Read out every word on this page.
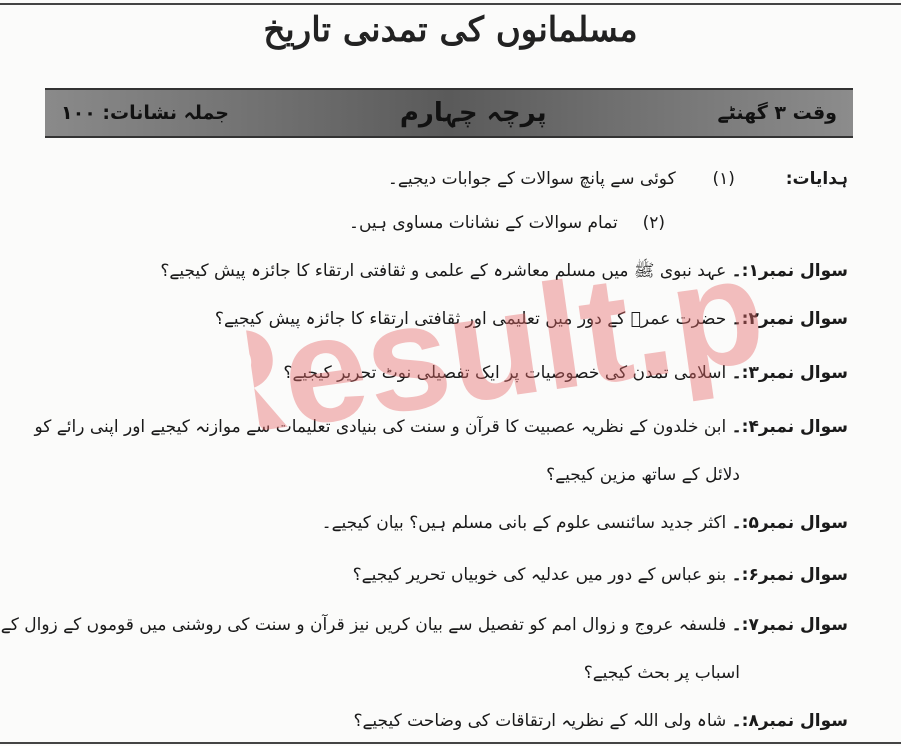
مسلمانوں کی تمدنی تاریخ
وقت ۳ گھنٹے
پرچہ چہارم
جملہ نشانات: ۱۰۰
ہدایات:  (۱)  کوئی سے پانچ سوالات کے جوابات دیجیے۔
(۲)  تمام سوالات کے نشانات مساوی ہیں۔
سوال نمبر۱:۔ عہد نبوی ﷺ میں مسلم معاشرہ کے علمی و ثقافتی ارتقاء کا جائزہ پیش کیجیے؟
سوال نمبر۲:۔ حضرت عمرؓ کے دور میں تعلیمی اور ثقافتی ارتقاء کا جائزہ پیش کیجیے؟
سوال نمبر۳:۔ اسلامی تمدن کی خصوصیات پر ایک تفصیلی نوٹ تحریر کیجیے؟
سوال نمبر۴:۔ ابن خلدون کے نظریہ عصبیت کا قرآن و سنت کی بنیادی تعلیمات سے موازنہ کیجیے اور اپنی رائے کو
دلائل کے ساتھ مزین کیجیے؟
سوال نمبر۵:۔ اکثر جدید سائنسی علوم کے بانی مسلم ہیں؟ بیان کیجیے۔
سوال نمبر۶:۔ بنو عباس کے دور میں عدلیہ کی خوبیاں تحریر کیجیے؟
سوال نمبر۷:۔ فلسفہ عروج و زوال امم کو تفصیل سے بیان کریں نیز قرآن و سنت کی روشنی میں قوموں کے زوال کے
اسباب پر بحث کیجیے؟
سوال نمبر۸:۔ شاہ ولی اللہ کے نظریہ ارتقاقات کی وضاحت کیجیے؟
Result.pk
